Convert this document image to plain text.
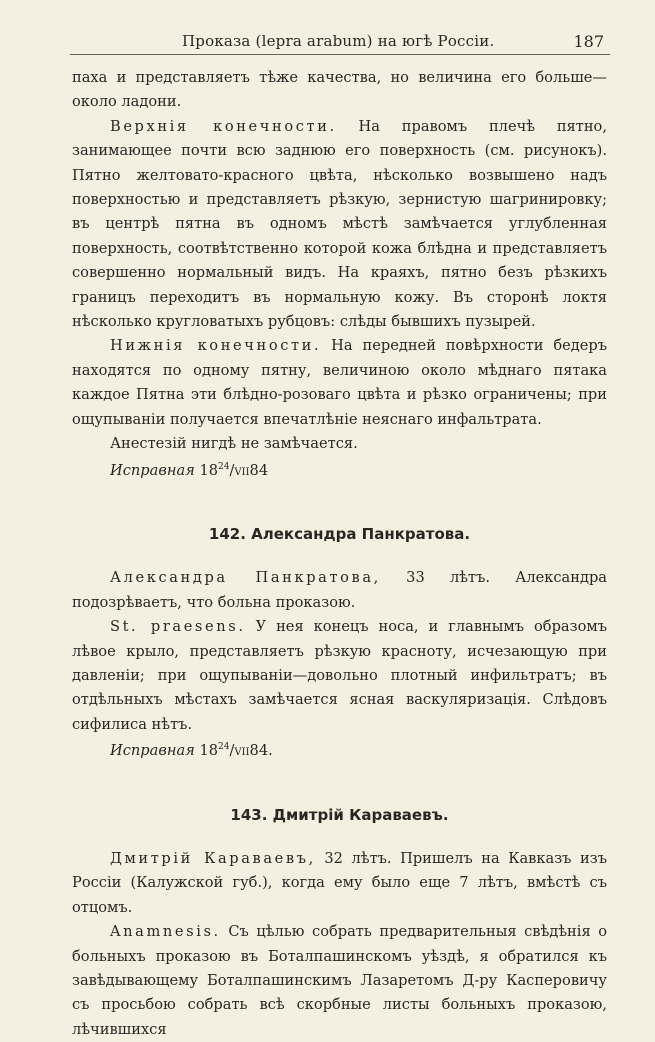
Проказа (lepra arabum) на югѣ Россіи.	187

паха и представляетъ тѣже качества, но величина его больше—около ладони.

Верхнія конечности. На правомъ плечѣ пятно, занимающее почти всю заднюю его поверхность (см. рисунокъ). Пятно желтовато-красного цвѣта, нѣсколько возвышено надъ поверхностью и представляетъ рѣзкую, зернистую шагринировку; въ центрѣ пятна въ одномъ мѣстѣ замѣчается углубленная поверхность, соотвѣтственно которой кожа блѣдна и представляетъ совершенно нормальный видъ. На краяхъ, пятно безъ рѣзкихъ границъ переходитъ въ нормальную кожу. Въ сторонѣ локтя нѣсколько кругловатыхъ рубцовъ: слѣды бывшихъ пузырей.

Нижнія конечности. На передней повѣрхности бедеръ находятся по одному пятну, величиною около мѣднаго пятака каждое Пятна эти блѣдно-розоваго цвѣта и рѣзко ограничены; при ощупываніи получается впечатлѣніе неяснаго инфальтрата.

Анестезій нигдѣ не замѣчается.

Исправная $18^{24}/VII84$

142. Александра Панкратова.

Александра Панкратова, 33 лѣтъ. Александра подозрѣваетъ, что больна проказою.

St. praesens. У нея конецъ носа, и главнымъ образомъ лѣвое крыло, представляетъ рѣзкую красноту, исчезающую при давленіи; при ощупываніи—довольно плотный инфильтратъ; въ отдѣльныхъ мѣстахъ замѣчается ясная васкуляризація. Слѣдовъ сифилиса нѣтъ.

Исправная $18^{24}/VII84$.

143. Дмитрій Караваевъ.

Дмитрій Караваевъ, 32 лѣтъ. Пришелъ на Кавказъ изъ Россіи (Калужской губ.), когда ему было еще 7 лѣтъ, вмѣстѣ съ отцомъ.

Anamnesis. Съ цѣлью собрать предварительныя свѣдѣнія о больныхъ проказою въ Боталпашинскомъ уѣздѣ, я обратился къ завѣдывающему Боталпашинскимъ Лазаретомъ Д-ру Касперовичу съ просьбою собрать всѣ скорбные листы больныхъ проказою, лѣчившихся
